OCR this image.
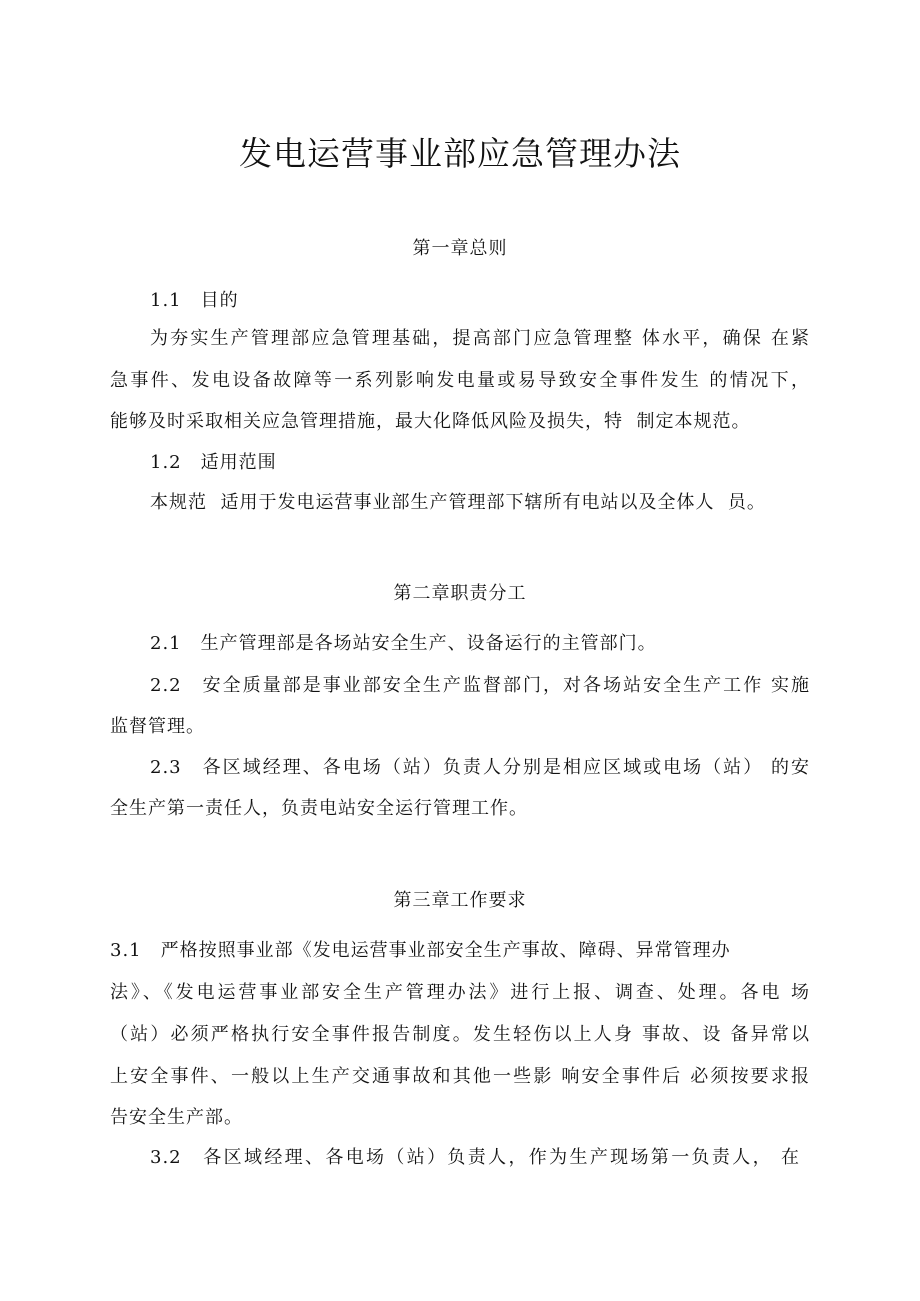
发电运营事业部应急管理办法
第一章总则
1.1　目的
为夯实生产管理部应急管理基础，提高部门应急管理整 体水平，确保 在紧
急事件、发电设备故障等一系列影响发电量或易导致安全事件发生 的情况下，
能够及时采取相关应急管理措施，最大化降低风险及损失，特  制定本规范。
1.2　适用范围
本规范  适用于发电运营事业部生产管理部下辖所有电站以及全体人  员。
第二章职责分工
2.1　生产管理部是各场站安全生产、设备运行的主管部门。
2.2　安全质量部是事业部安全生产监督部门，对各场站安全生产工作 实施
监督管理。
2.3　各区域经理、各电场（站）负责人分别是相应区域或电场（站） 的安
全生产第一责任人，负责电站安全运行管理工作。
第三章工作要求
3.1　严格按照事业部《发电运营事业部安全生产事故、障碍、异常管理办
法》、《发电运营事业部安全生产管理办法》进行上报、调查、处理。各电 场
（站）必须严格执行安全事件报告制度。发生轻伤以上人身 事故、设 备异常以
上安全事件、一般以上生产交通事故和其他一些影 响安全事件后 必须按要求报
告安全生产部。
3.2　各区域经理、各电场（站）负责人，作为生产现场第一负责人， 在
